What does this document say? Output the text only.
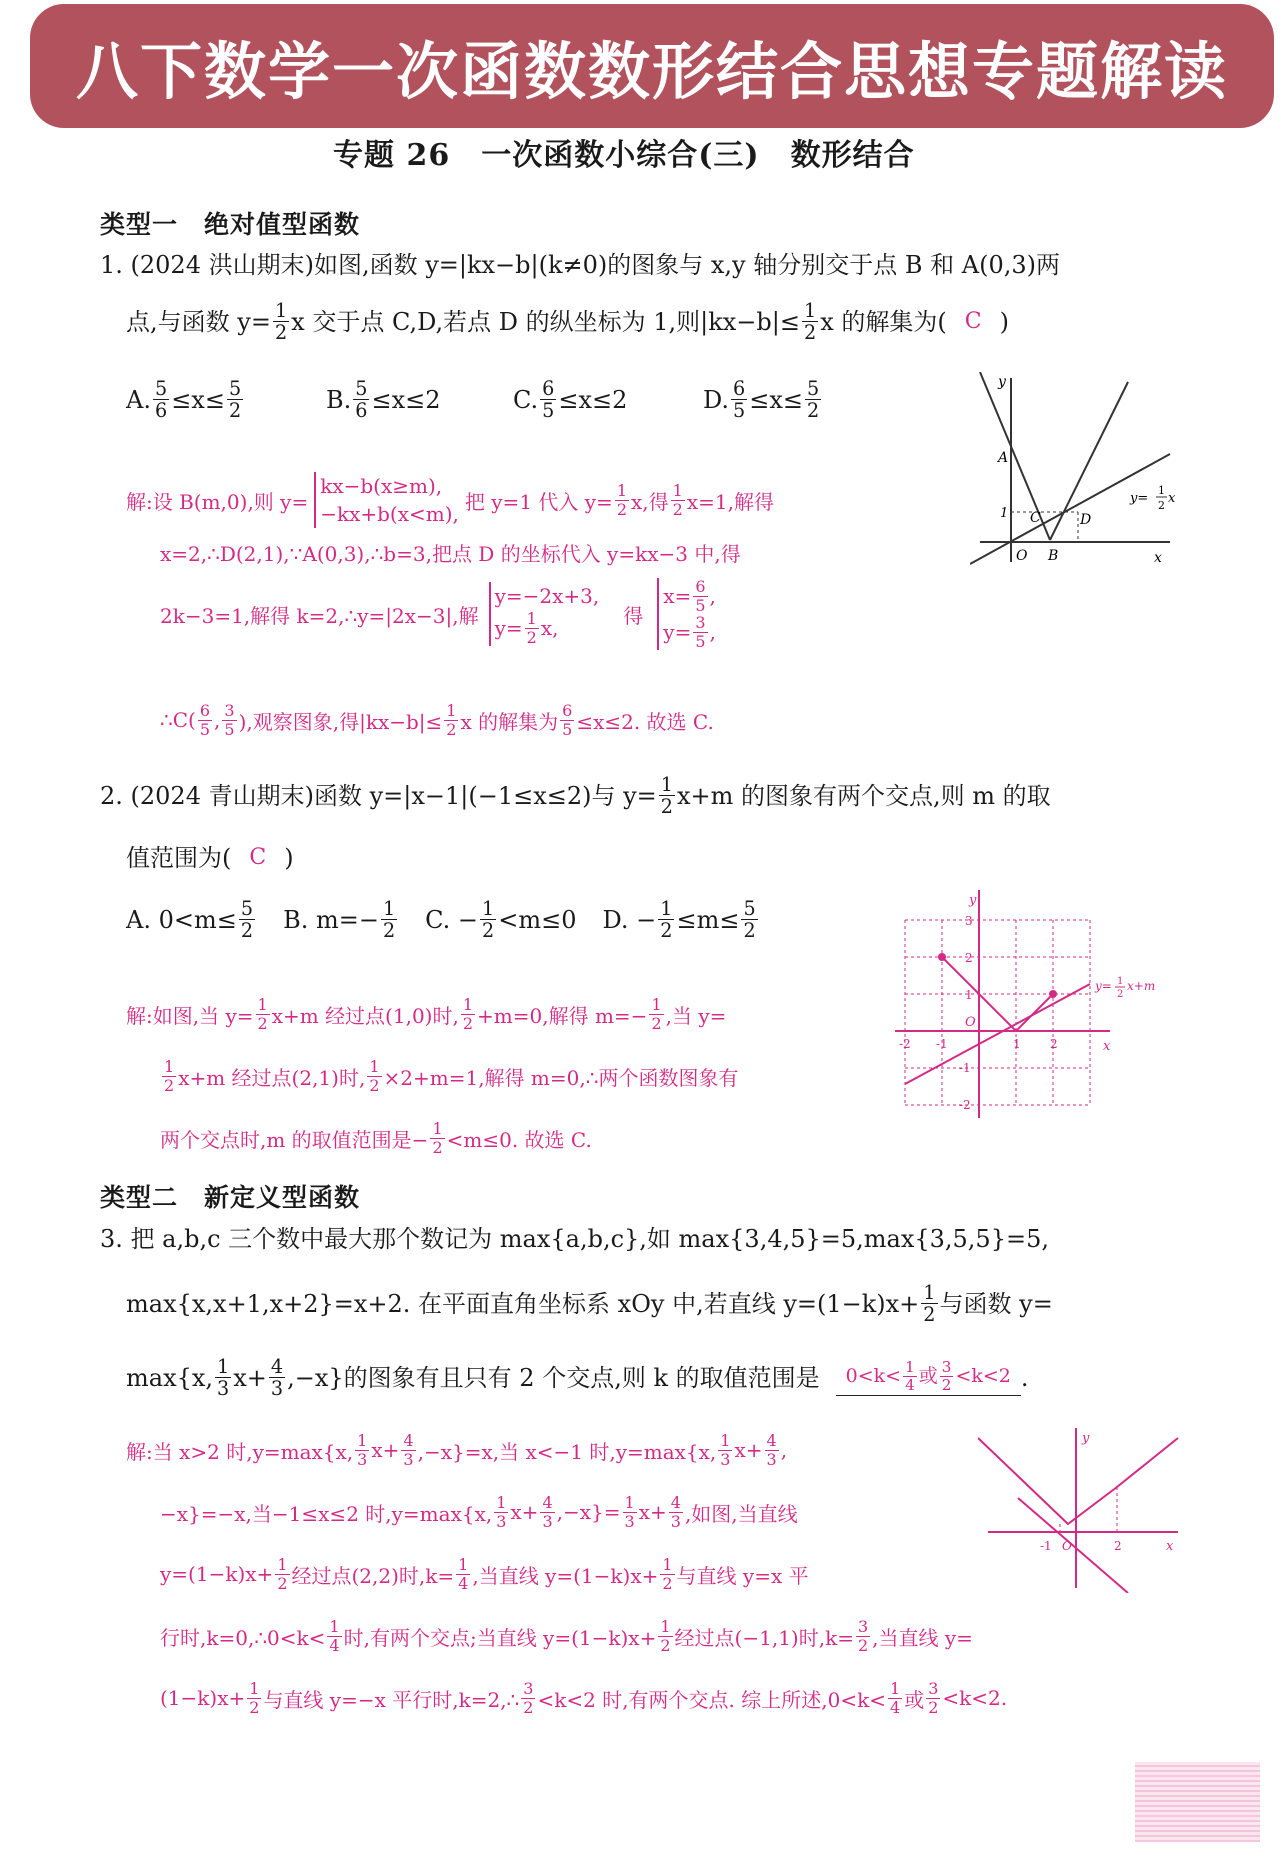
八下数学一次函数数形结合思想专题解读
专题 26　一次函数小综合(三)　数形结合
类型一　绝对值型函数
1. (2024 洪山期末)如图,函数 y=|kx−b|(k≠0)的图象与 x,y 轴分别交于点 B 和 A(0,3)两
点,与函数 $y= \frac{1}{2}$ x 交于点 C,D,若点 D 的纵坐标为 1,则$|kx-b|\le \frac{1}{2}$ x 的解集为( C )
A. $\frac{5}{6} \le x\le \frac{5}{2}$	B. $\frac{5}{6} \le x\le 2$	C. $\frac{6}{5} \le x\le 2$	D. $\frac{6}{5} \le x\le \frac{5}{2}$	y
x
A
B
C	D
O
1
y=
1
2 x
解:设 B(m,0),则 y=
kx−b(x≥m),
−kx+b(x<m),
把 y=1 代入 $y= \frac{1}{2} x$,得 $\frac{1}{2} x=1$,解得
x=2,∴D(2,1),∵A(0,3),∴b=3,把点 D 的坐标代入 y=kx−3 中,得
2k−3=1,解得 k=2,∴y=|2x−3|,解
y=−2x+3,
$y= \frac{1}{2} x$,
得
$x= \frac{6}{5}$ ,
$y= \frac{3}{5}$ ,
∴C( $\frac{6}{5}$ , $\frac{3}{5}$ ),观察图象,得$|kx-b|\le \frac{1}{2}$ x 的解集为 $\frac{6}{5} \le x\le 2$. 故选 C.
2. (2024 青山期末)函数 y=|x−1|(−1≤x≤2)与 $y= \frac{1}{2} x+m$ 的图象有两个交点,则 m 的取
值范围为( C )
A. $0<m\le \frac{5}{2} B$. $m=- \frac{1}{2} C$. − $\frac{1}{2} <m\le 0$ D. − $\frac{1}{2} \le m\le \frac{5}{2}$	y
x
O
3
2
1
-1
-2
-2 -1	1 2
y= 1
2
x+m
解:如图,当 $y= \frac{1}{2} x+m$ 经过点(1,0)时, $\frac{1}{2} +m=0$,解得 $m=- \frac{1}{2}$ ,当 y=
$\frac{1}{2} x+m$ 经过点(2,1)时, $\frac{1}{2} \times 2+m=1$,解得 m=0,∴两个函数图象有
两个交点时,m 的取值范围是− $\frac{1}{2} <m\le 0$. 故选 C.
类型二　新定义型函数
3. 把 a,b,c 三个数中最大那个数记为 max{a,b,c},如 max{3,4,5}=5,max{3,5,5}=5,
max{x,x+1,x+2}=x+2. 在平面直角坐标系 xOy 中,若直线 $y=(1-k)x+ \frac{1}{2}$ 与函数 y=
max{x, $\frac{1}{3} x+ \frac{4}{3} ,-x$}的图象有且只有 2 个交点,则 k 的取值范围是 $0<k< \frac{1}{4}$ 或 $\frac{3}{2} <k<2$ .
y
x
-1 O	2
解:当 x>2 时,y=max{x, $\frac{1}{3} x+ \frac{4}{3} ,-x\}=x$,当 x<−1 时,y=max{x, $\frac{1}{3} x+ \frac{4}{3}$ ,
−x}=−x,当−1≤x≤2 时,y=max{x, $\frac{1}{3} x+ \frac{4}{3} ,-x\}= \frac{1}{3} x+ \frac{4}{3}$ ,如图,当直线
$y=(1-k)x+ \frac{1}{2}$ 经过点(2,2)时$,k= \frac{1}{4}$ ,当直线 $y=(1-k)x+ \frac{1}{2}$ 与直线 y=x 平
行时,k=0,∴0<k< $\frac{1}{4}$ 时,有两个交点;当直线 $y=(1-k)x+ \frac{1}{2}$ 经过点(−1,1)时$,k= \frac{3}{2}$ ,当直线 y=
$(1-k)x+ \frac{1}{2}$ 与直线 y=−x 平行时,k=2,∴ $\frac{3}{2} <k<2$ 时,有两个交点. 综上所述$,0<k< \frac{1}{4}$ 或 $\frac{3}{2} <k<2$.
